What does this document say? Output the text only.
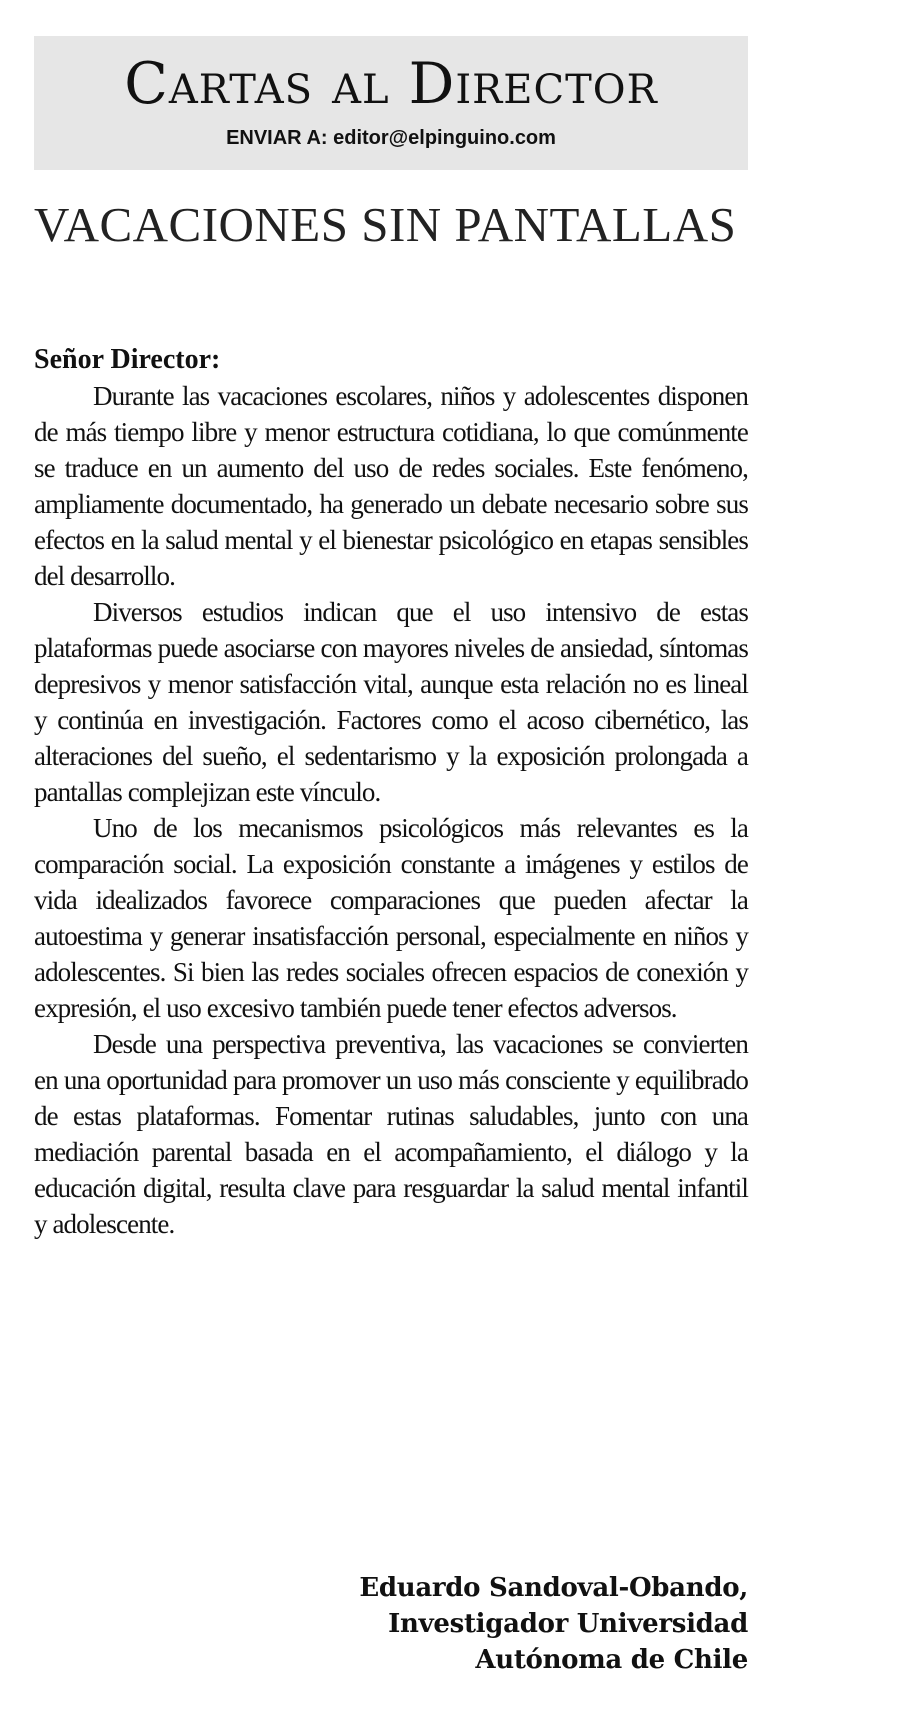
Cartas al Director
ENVIAR A: editor@elpinguino.com
VACACIONES SIN PANTALLAS
Señor Director:

Durante las vacaciones escolares, niños y adolescentes disponen de más tiempo libre y menor estructura cotidiana, lo que comúnmente se traduce en un aumento del uso de redes sociales. Este fenómeno, ampliamente documentado, ha generado un debate necesario sobre sus efectos en la salud mental y el bienestar psicológico en etapas sensibles del desarrollo.

Diversos estudios indican que el uso intensivo de estas plataformas puede asociarse con mayores niveles de ansiedad, síntomas depresivos y menor satisfacción vital, aunque esta relación no es lineal y continúa en investigación. Factores como el acoso cibernético, las alteraciones del sueño, el sedentarismo y la exposición prolongada a pantallas complejizan este vínculo.

Uno de los mecanismos psicológicos más relevantes es la comparación social. La exposición constante a imágenes y estilos de vida idealizados favorece comparaciones que pueden afectar la autoestima y generar insatisfacción personal, especialmente en niños y adolescentes. Si bien las redes sociales ofrecen espacios de conexión y expresión, el uso excesivo también puede tener efectos adversos.

Desde una perspectiva preventiva, las vacaciones se convierten en una oportunidad para promover un uso más consciente y equilibrado de estas plataformas. Fomentar rutinas saludables, junto con una mediación parental basada en el acompañamiento, el diálogo y la educación digital, resulta clave para resguardar la salud mental infantil y adolescente.

Eduardo Sandoval-Obando,
Investigador Universidad
Autónoma de Chile
